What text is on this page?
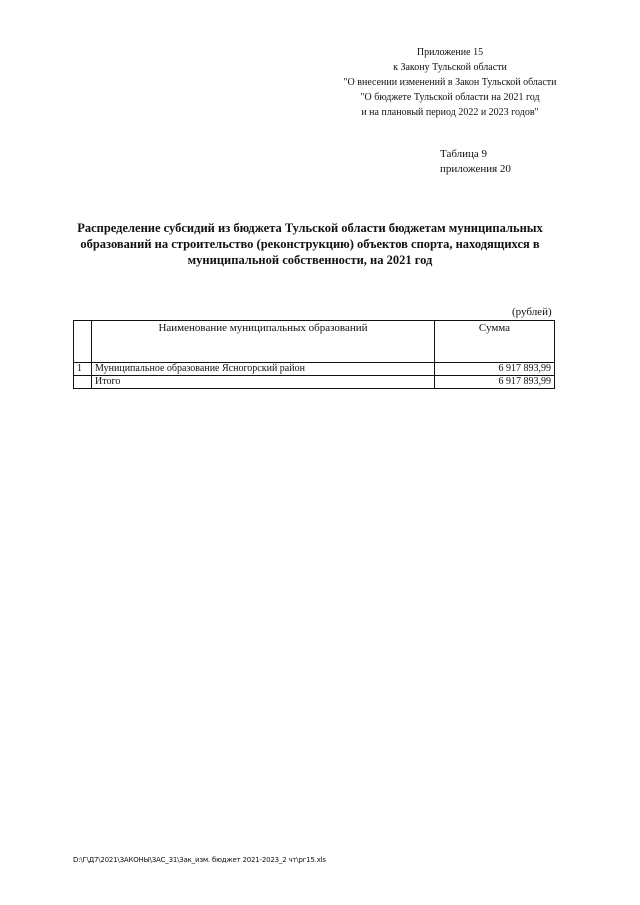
Приложение 15
к Закону Тульской области
"О внесении изменений в Закон Тульской области
"О бюджете Тульской области на 2021 год
и на плановый период 2022 и 2023 годов"
Таблица 9
приложения 20
Распределение субсидий из бюджета Тульской области бюджетам муниципальных образований на строительство (реконструкцию) объектов спорта, находящихся в муниципальной собственности, на 2021 год
(рублей)
	Наименование муниципальных образований	Сумма
1	Муниципальное образование Ясногорский район	6 917 893,99
	Итого	6 917 893,99
D:\Г\Д7\2021\ЗАКОНЫ\ЗАС_31\Зак_изм. бюджет 2021-2023_2 чт\рг15.xls
